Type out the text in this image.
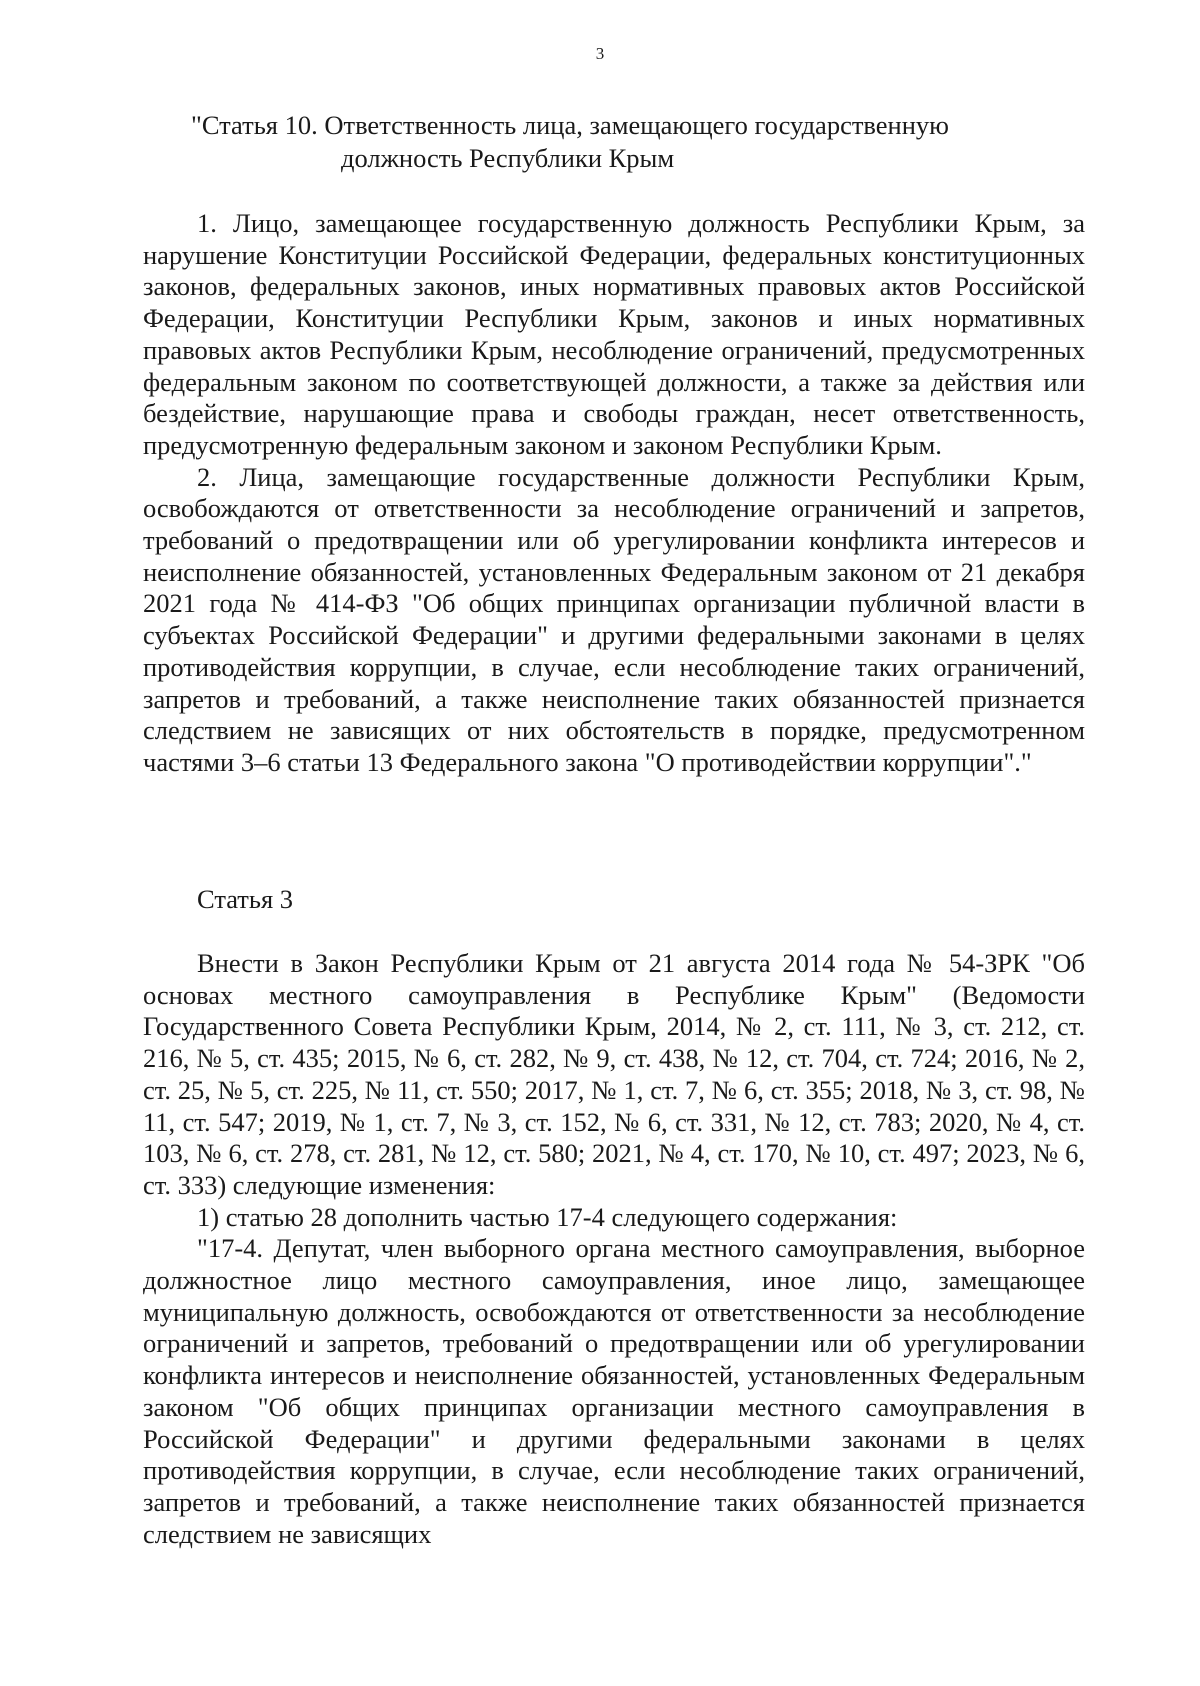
3
"Статья 10. Ответственность лица, замещающего государственную
должность Республики Крым

1. Лицо, замещающее государственную должность Республики Крым, за нарушение Конституции Российской Федерации, федеральных конституционных законов, федеральных законов, иных нормативных правовых актов Российской Федерации, Конституции Республики Крым, законов и иных нормативных правовых актов Республики Крым, несоблюдение ограничений, предусмотренных федеральным законом по соответствующей должности, а также за действия или бездействие, нарушающие права и свободы граждан, несет ответственность, предусмотренную федеральным законом и законом Республики Крым.

2. Лица, замещающие государственные должности Республики Крым, освобождаются от ответственности за несоблюдение ограничений и запретов, требований о предотвращении или об урегулировании конфликта интересов и неисполнение обязанностей, установленных Федеральным законом от 21 декабря 2021 года № 414-ФЗ "Об общих принципах организации публичной власти в субъектах Российской Федерации" и другими федеральными законами в целях противодействия коррупции, в случае, если несоблюдение таких ограничений, запретов и требований, а также неисполнение таких обязанностей признается следствием не зависящих от них обстоятельств в порядке, предусмотренном частями 3–6 статьи 13 Федерального закона "О противодействии коррупции"."

Статья 3

Внести в Закон Республики Крым от 21 августа 2014 года № 54-ЗРК "Об основах местного самоуправления в Республике Крым" (Ведомости Государственного Совета Республики Крым, 2014, № 2, ст. 111, № 3, ст. 212, ст. 216, № 5, ст. 435; 2015, № 6, ст. 282, № 9, ст. 438, № 12, ст. 704, ст. 724; 2016, № 2, ст. 25, № 5, ст. 225, № 11, ст. 550; 2017, № 1, ст. 7, № 6, ст. 355; 2018, № 3, ст. 98, № 11, ст. 547; 2019, № 1, ст. 7, № 3, ст. 152, № 6, ст. 331, № 12, ст. 783; 2020, № 4, ст. 103, № 6, ст. 278, ст. 281, № 12, ст. 580; 2021, № 4, ст. 170, № 10, ст. 497; 2023, № 6, ст. 333) следующие изменения:

1) статью 28 дополнить частью 17-4 следующего содержания:

"17-4. Депутат, член выборного органа местного самоуправления, выборное должностное лицо местного самоуправления, иное лицо, замещающее муниципальную должность, освобождаются от ответственности за несоблюдение ограничений и запретов, требований о предотвращении или об урегулировании конфликта интересов и неисполнение обязанностей, установленных Федеральным законом "Об общих принципах организации местного самоуправления в Российской Федерации" и другими федеральными законами в целях противодействия коррупции, в случае, если несоблюдение таких ограничений, запретов и требований, а также неисполнение таких обязанностей признается следствием не зависящих
